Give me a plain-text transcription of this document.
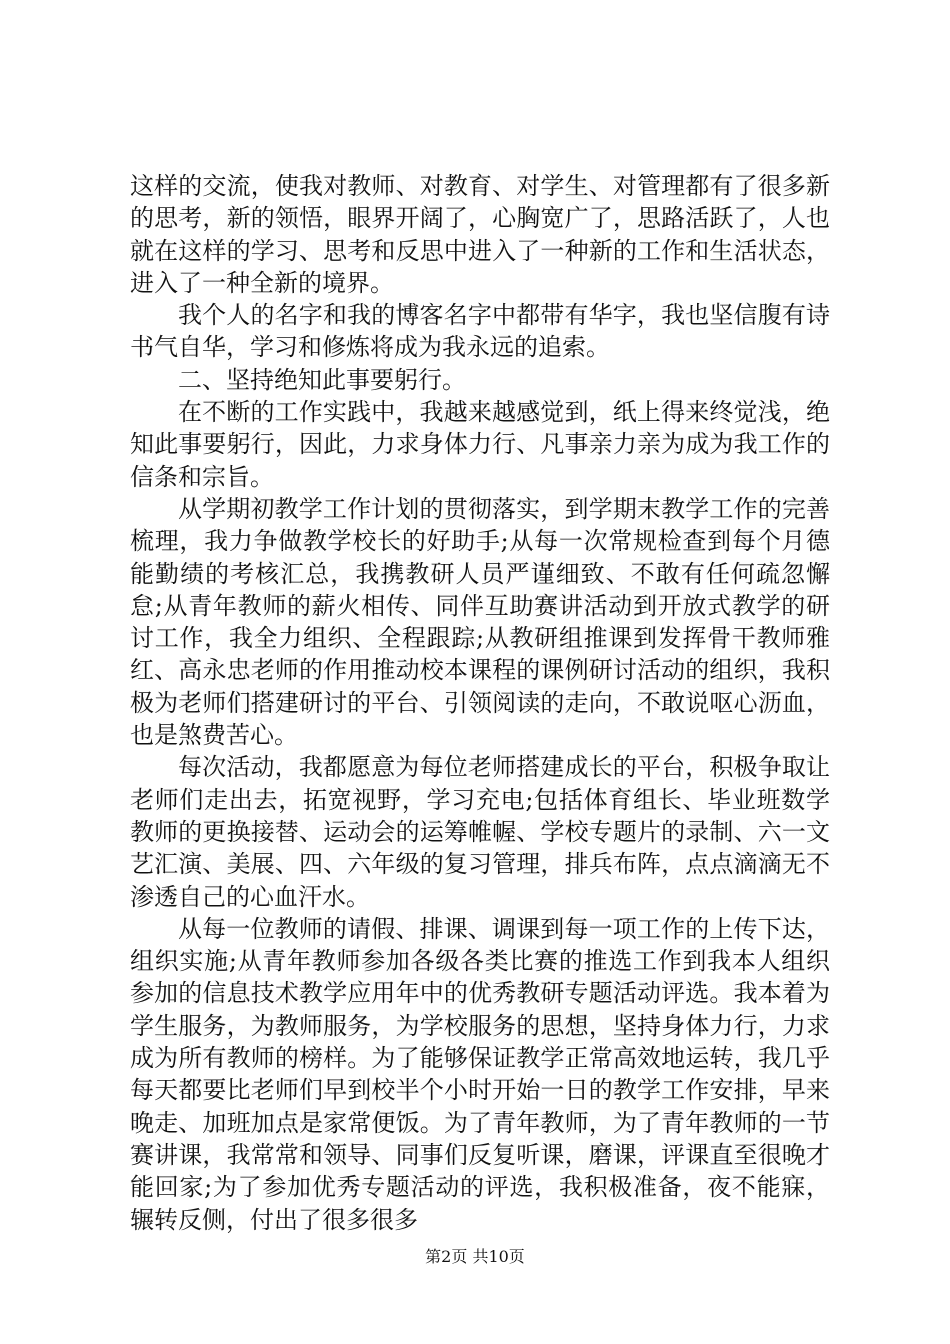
这样的交流，使我对教师、对教育、对学生、对管理都有了很多新的思考，新的领悟，眼界开阔了，心胸宽广了，思路活跃了，人也就在这样的学习、思考和反思中进入了一种新的工作和生活状态，进入了一种全新的境界。

我个人的名字和我的博客名字中都带有华字，我也坚信腹有诗书气自华，学习和修炼将成为我永远的追索。

二、坚持绝知此事要躬行。

在不断的工作实践中，我越来越感觉到，纸上得来终觉浅，绝知此事要躬行，因此，力求身体力行、凡事亲力亲为成为我工作的信条和宗旨。

从学期初教学工作计划的贯彻落实，到学期末教学工作的完善梳理，我力争做教学校长的好助手;从每一次常规检查到每个月德能勤绩的考核汇总，我携教研人员严谨细致、不敢有任何疏忽懈怠;从青年教师的薪火相传、同伴互助赛讲活动到开放式教学的研讨工作，我全力组织、全程跟踪;从教研组推课到发挥骨干教师雅红、高永忠老师的作用推动校本课程的课例研讨活动的组织，我积极为老师们搭建研讨的平台、引领阅读的走向，不敢说呕心沥血，也是煞费苦心。

每次活动，我都愿意为每位老师搭建成长的平台，积极争取让老师们走出去，拓宽视野，学习充电;包括体育组长、毕业班数学教师的更换接替、运动会的运筹帷幄、学校专题片的录制、六一文艺汇演、美展、四、六年级的复习管理，排兵布阵，点点滴滴无不渗透自己的心血汗水。

从每一位教师的请假、排课、调课到每一项工作的上传下达，组织实施;从青年教师参加各级各类比赛的推选工作到我本人组织参加的信息技术教学应用年中的优秀教研专题活动评选。我本着为学生服务，为教师服务，为学校服务的思想，坚持身体力行，力求成为所有教师的榜样。为了能够保证教学正常高效地运转，我几乎每天都要比老师们早到校半个小时开始一日的教学工作安排，早来晚走、加班加点是家常便饭。为了青年教师，为了青年教师的一节赛讲课，我常常和领导、同事们反复听课，磨课，评课直至很晚才能回家;为了参加优秀专题活动的评选，我积极准备，夜不能寐，辗转反侧，付出了很多很多

第2页 共10页
